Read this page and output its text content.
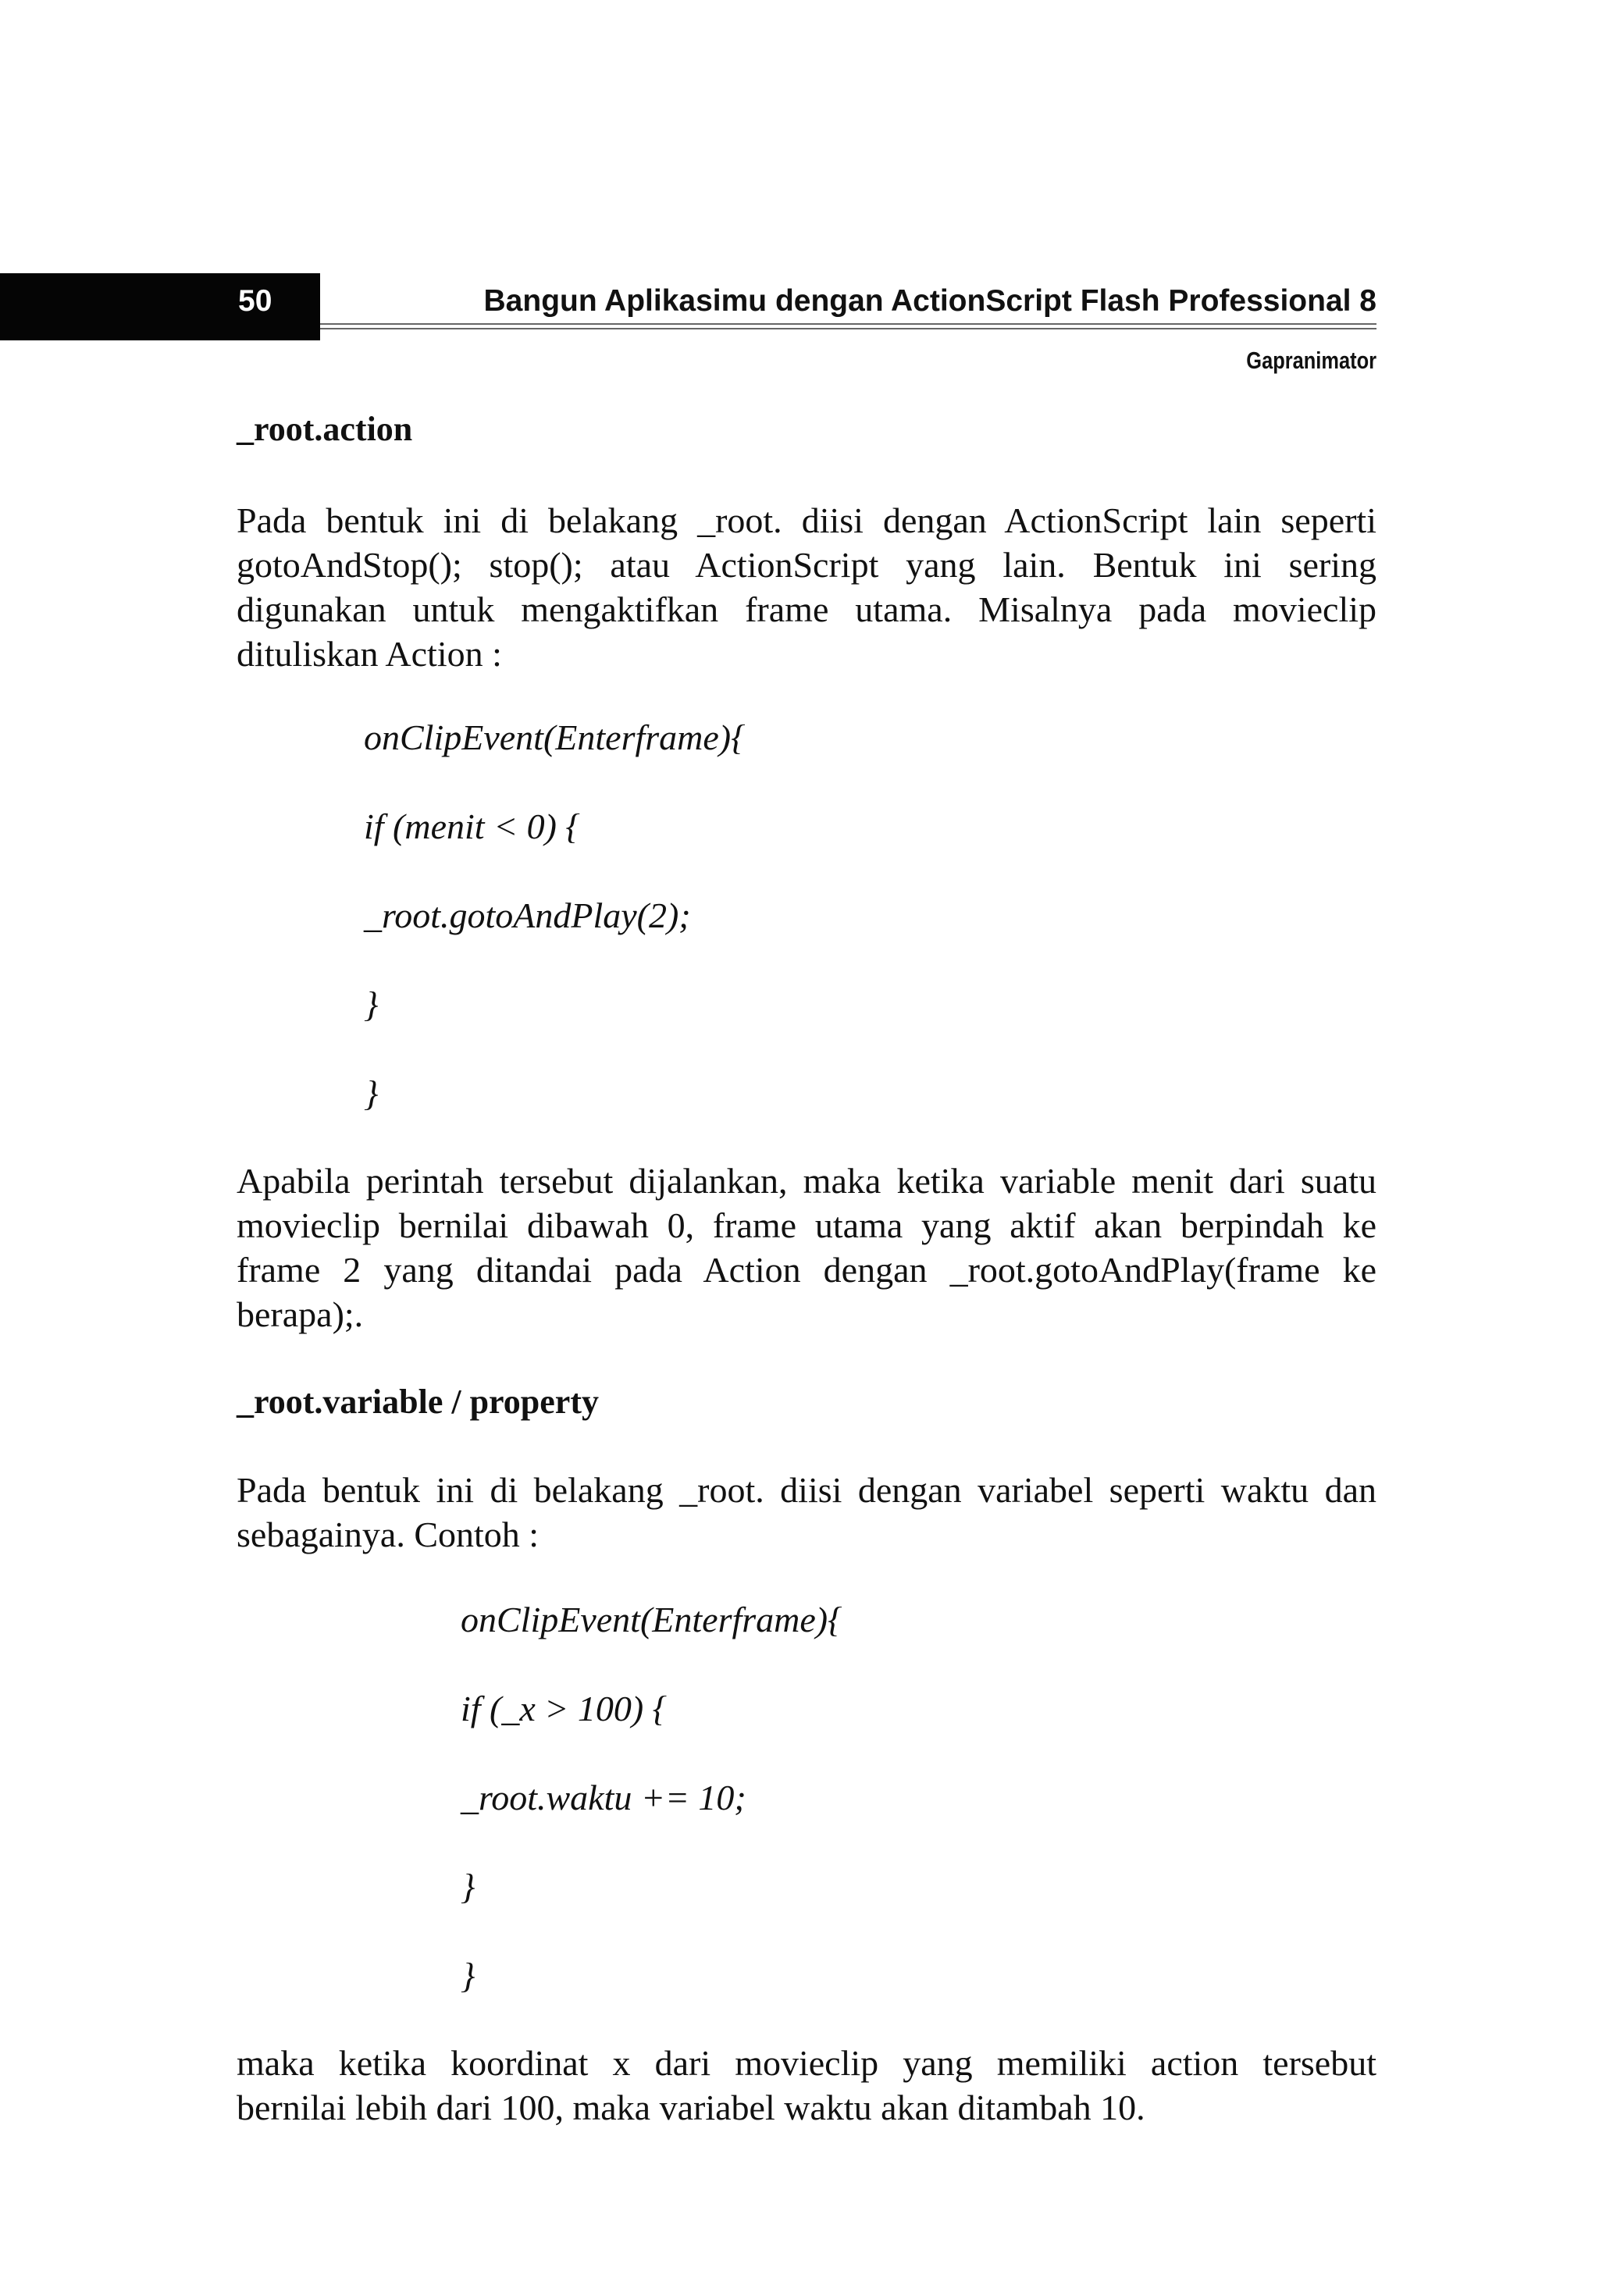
50	Bangun Aplikasimu dengan ActionScript Flash Professional 8
Gapranimator
_root.action

Pada bentuk ini di belakang _root. diisi dengan ActionScript lain seperti
gotoAndStop(); stop(); atau ActionScript yang lain. Bentuk ini sering
digunakan untuk mengaktifkan frame utama. Misalnya pada movieclip
dituliskan Action :

onClipEvent(Enterframe){
if (menit < 0) {
_root.gotoAndPlay(2);
}
}

Apabila perintah tersebut dijalankan, maka ketika variable menit dari suatu
movieclip bernilai dibawah 0, frame utama yang aktif akan berpindah ke
frame 2 yang ditandai pada Action dengan _root.gotoAndPlay(frame ke
berapa);.

_root.variable / property

Pada bentuk ini di belakang _root. diisi dengan variabel seperti waktu dan
sebagainya. Contoh :

onClipEvent(Enterframe){
if (_x > 100) {
_root.waktu += 10;
}
}

maka ketika koordinat x dari movieclip yang memiliki action tersebut
bernilai lebih dari 100, maka variabel waktu akan ditambah 10.
